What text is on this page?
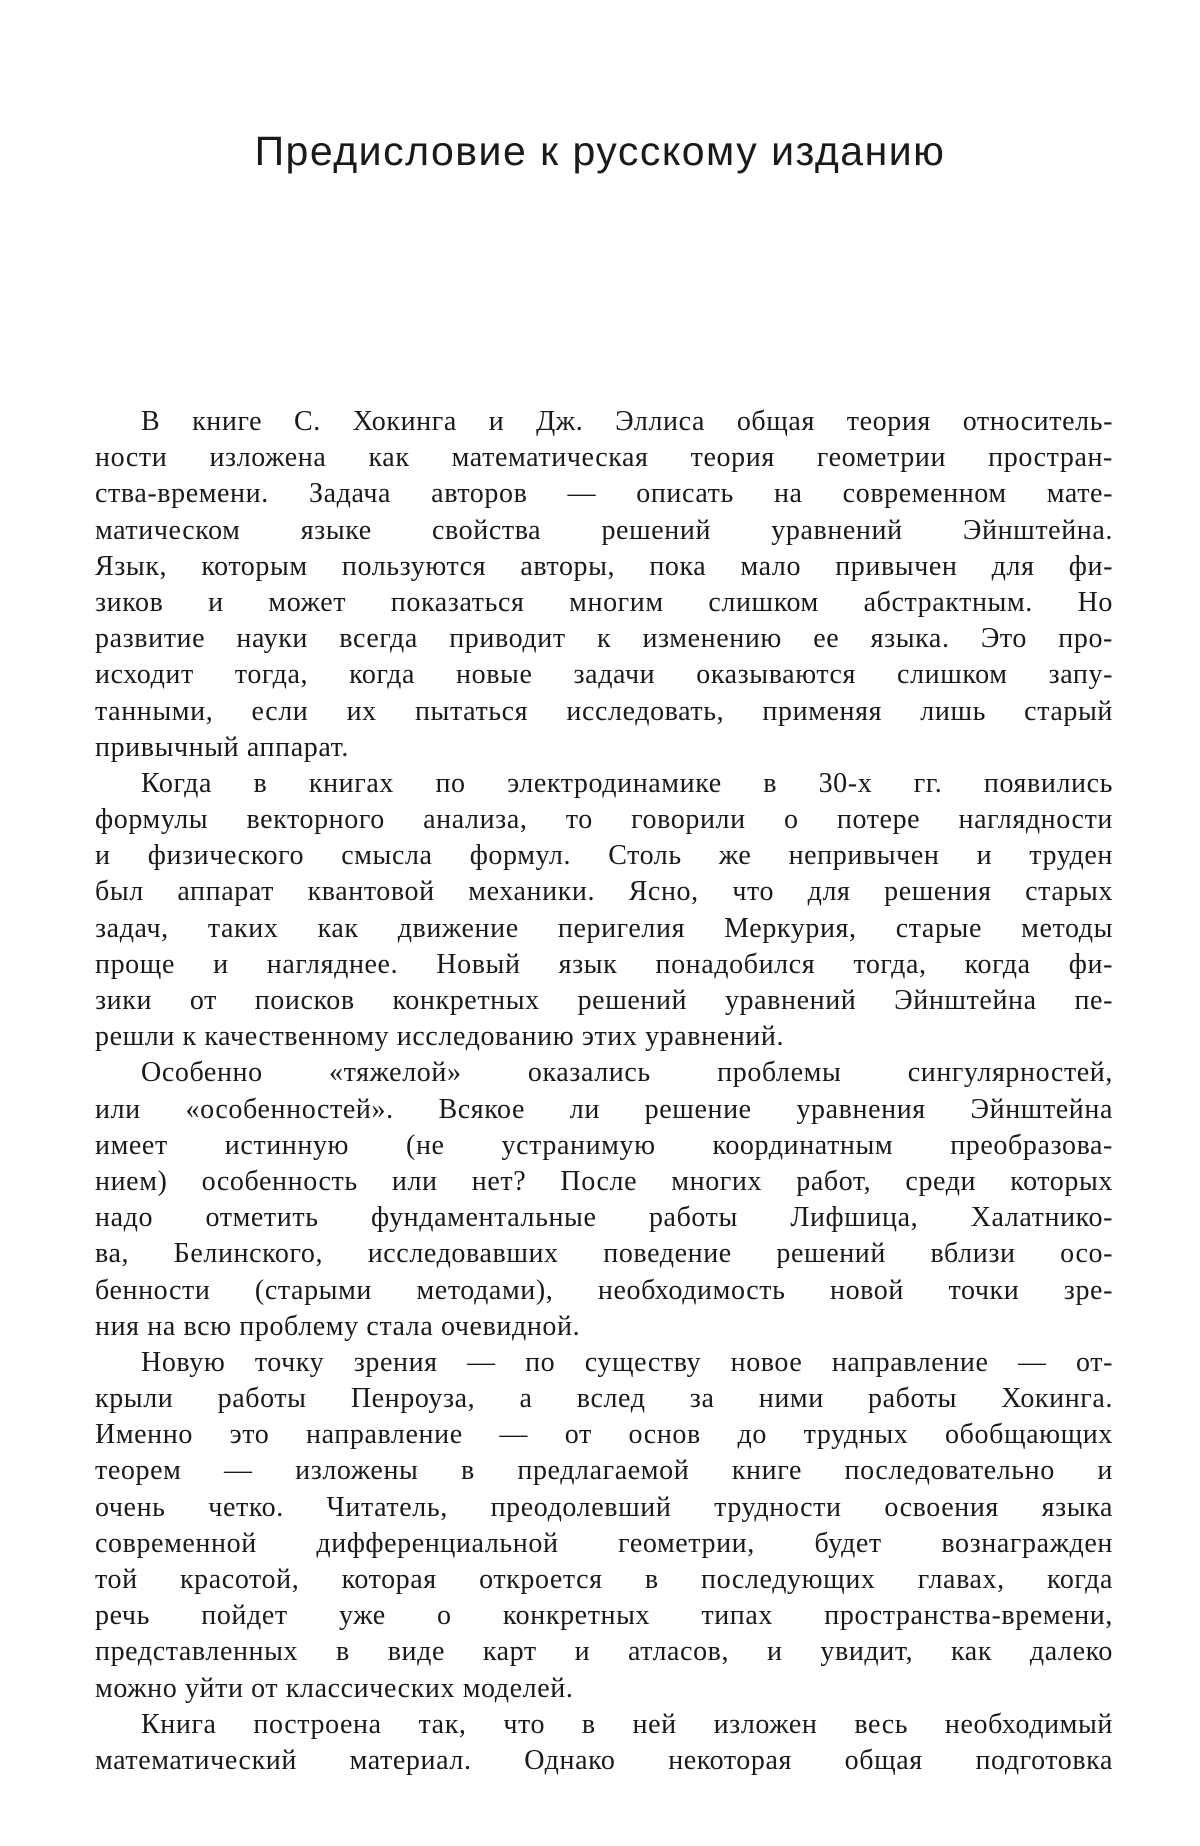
Предисловие к русскому изданию
В книге С. Хокинга и Дж. Эллиса общая теория относитель-
ности изложена как математическая теория геометрии простран-
ства-времени. Задача авторов — описать на современном мате-
матическом языке свойства решений уравнений Эйнштейна.
Язык, которым пользуются авторы, пока мало привычен для фи-
зиков и может показаться многим слишком абстрактным. Но
развитие науки всегда приводит к изменению ее языка. Это про-
исходит тогда, когда новые задачи оказываются слишком запу-
танными, если их пытаться исследовать, применяя лишь старый
привычный аппарат.
Когда в книгах по электродинамике в 30-х гг. появились
формулы векторного анализа, то говорили о потере наглядности
и физического смысла формул. Столь же непривычен и труден
был аппарат квантовой механики. Ясно, что для решения старых
задач, таких как движение перигелия Меркурия, старые методы
проще и нагляднее. Новый язык понадобился тогда, когда фи-
зики от поисков конкретных решений уравнений Эйнштейна пе-
решли к качественному исследованию этих уравнений.
Особенно «тяжелой» оказались проблемы сингулярностей,
или «особенностей». Всякое ли решение уравнения Эйнштейна
имеет истинную (не устранимую координатным преобразова-
нием) особенность или нет? После многих работ, среди которых
надо отметить фундаментальные работы Лифшица, Халатнико-
ва, Белинского, исследовавших поведение решений вблизи осо-
бенности (старыми методами), необходимость новой точки зре-
ния на всю проблему стала очевидной.
Новую точку зрения — по существу новое направление — от-
крыли работы Пенроуза, а вслед за ними работы Хокинга.
Именно это направление — от основ до трудных обобщающих
теорем — изложены в предлагаемой книге последовательно и
очень четко. Читатель, преодолевший трудности освоения языка
современной дифференциальной геометрии, будет вознагражден
той красотой, которая откроется в последующих главах, когда
речь пойдет уже о конкретных типах пространства-времени,
представленных в виде карт и атласов, и увидит, как далеко
можно уйти от классических моделей.
Книга построена так, что в ней изложен весь необходимый
математический материал. Однако некоторая общая подготовка
